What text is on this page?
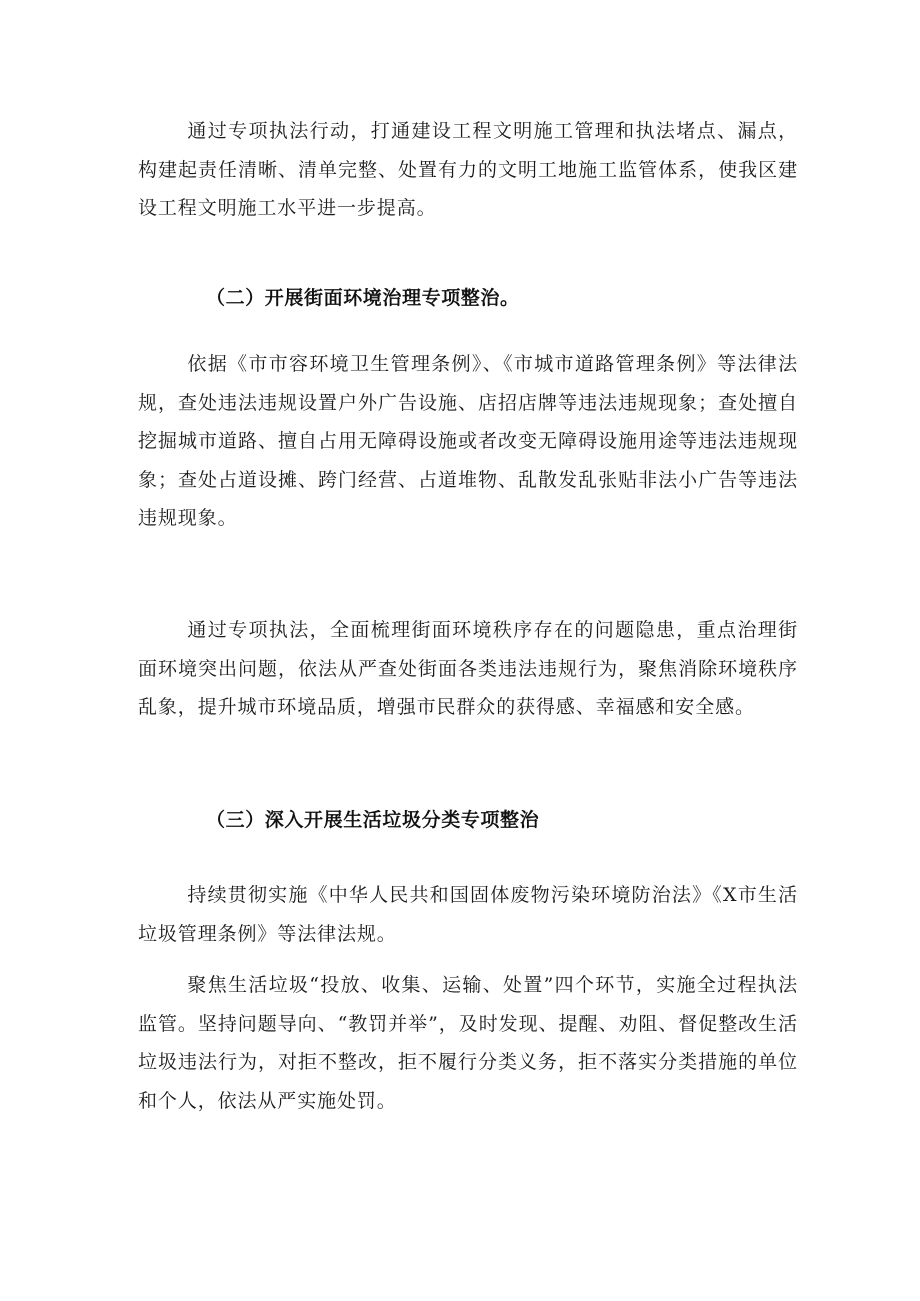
通过专项执法行动，打通建设工程文明施工管理和执法堵点、漏点，构建起责任清晰、清单完整、处置有力的文明工地施工监管体系，使我区建设工程文明施工水平进一步提高。

（二）开展街面环境治理专项整治。

依据《市市容环境卫生管理条例》、《市城市道路管理条例》等法律法规，查处违法违规设置户外广告设施、店招店牌等违法违规现象；查处擅自挖掘城市道路、擅自占用无障碍设施或者改变无障碍设施用途等违法违规现象；查处占道设摊、跨门经营、占道堆物、乱散发乱张贴非法小广告等违法违规现象。

通过专项执法，全面梳理街面环境秩序存在的问题隐患，重点治理街面环境突出问题，依法从严查处街面各类违法违规行为，聚焦消除环境秩序乱象，提升城市环境品质，增强市民群众的获得感、幸福感和安全感。

（三）深入开展生活垃圾分类专项整治

持续贯彻实施《中华人民共和国固体废物污染环境防治法》《X市生活垃圾管理条例》等法律法规。

聚焦生活垃圾“投放、收集、运输、处置”四个环节，实施全过程执法监管。坚持问题导向、“教罚并举”，及时发现、提醒、劝阻、督促整改生活垃圾违法行为，对拒不整改，拒不履行分类义务，拒不落实分类措施的单位和个人，依法从严实施处罚。
